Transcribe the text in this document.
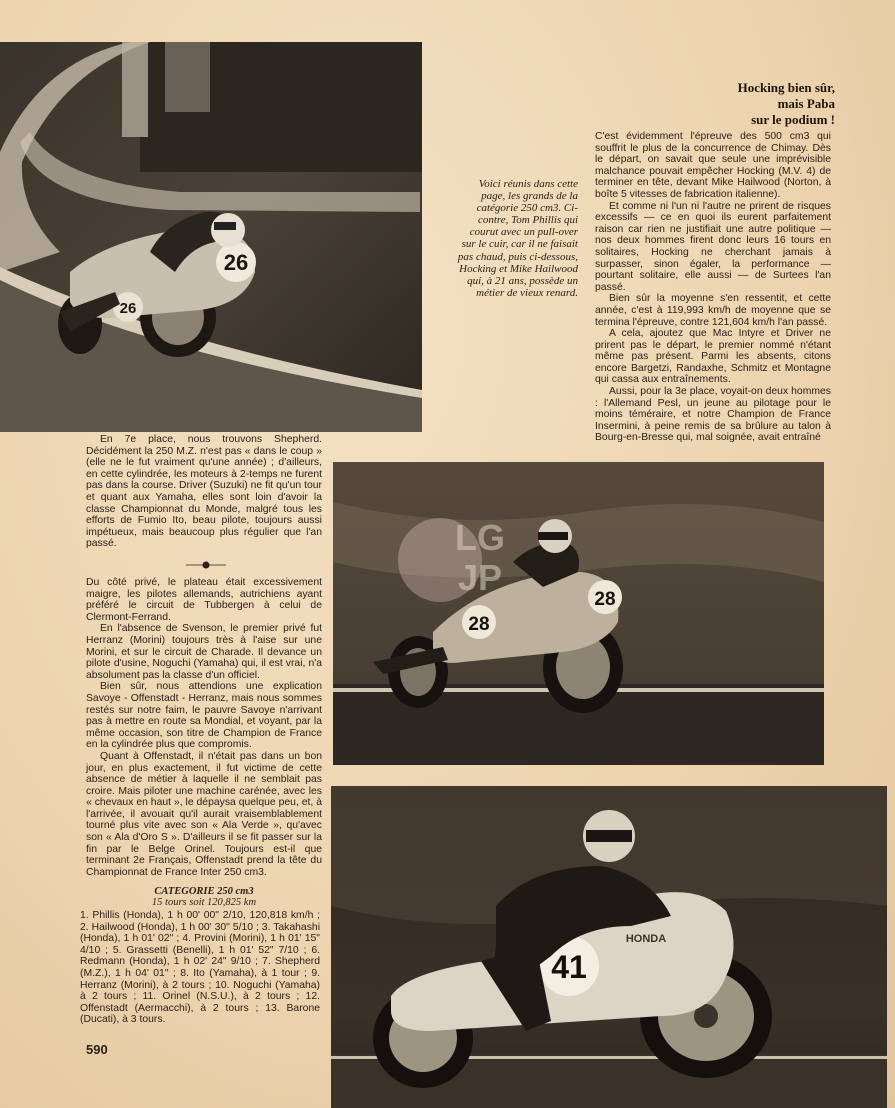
26
26
Hocking bien sûr,
mais Paba
sur le podium !
Voici réunis dans cette page, les grands de la catégorie 250 cm3. Ci-contre, Tom Phillis qui courut avec un pull-over sur le cuir, car il ne faisait pas chaud, puis ci-dessous, Hocking et Mike Hailwood qui, à 21 ans, possède un métier de vieux renard.

C'est évidemment l'épreuve des 500 cm3 qui souffrit le plus de la concurrence de Chimay. Dès le départ, on savait que seule une imprévisible malchance pouvait empêcher Hocking (M.V. 4) de terminer en tête, devant Mike Hailwood (Norton, à boîte 5 vitesses de fabrication italienne).

Et comme ni l'un ni l'autre ne prirent de risques excessifs — ce en quoi ils eurent parfaitement raison car rien ne justifiait une autre politique — nos deux hommes firent donc leurs 16 tours en solitaires, Hocking ne cherchant jamais à surpasser, sinon égaler, la performance — pourtant solitaire, elle aussi — de Surtees l'an passé.

Bien sûr la moyenne s'en ressentit, et cette année, c'est à 119,993 km/h de moyenne que se termina l'épreuve, contre 121,604 km/h l'an passé.

A cela, ajoutez que Mac Intyre et Driver ne prirent pas le départ, le premier nommé n'étant même pas présent. Parmi les absents, citons encore Bargetzi, Randaxhe, Schmitz et Montagne qui cassa aux entraînements.

Aussi, pour la 3e place, voyait-on deux hommes : l'Allemand Pesl, un jeune au pilotage pour le moins téméraire, et notre Champion de France Insermini, à peine remis de sa brûlure au talon à Bourg-en-Bresse qui, mal soignée, avait entraîné

En 7e place, nous trouvons Shepherd. Décidément la 250 M.Z. n'est pas « dans le coup » (elle ne le fut vraiment qu'une année) ; d'ailleurs, en cette cylindrée, les moteurs à 2-temps ne furent pas dans la course. Driver (Suzuki) ne fit qu'un tour et quant aux Yamaha, elles sont loin d'avoir la classe Championnat du Monde, malgré tous les efforts de Fumio Ito, beau pilote, toujours aussi impétueux, mais beaucoup plus régulier que l'an passé.

Du côté privé, le plateau était excessivement maigre, les pilotes allemands, autrichiens ayant préféré le circuit de Tubbergen à celui de Clermont-Ferrand.

En l'absence de Svenson, le premier privé fut Herranz (Morini) toujours très à l'aise sur une Morini, et sur le circuit de Charade. Il devance un pilote d'usine, Noguchi (Yamaha) qui, il est vrai, n'a absolument pas la classe d'un officiel.

Bien sûr, nous attendions une explication Savoye - Offenstadt - Herranz, mais nous sommes restés sur notre faim, le pauvre Savoye n'arrivant pas à mettre en route sa Mondial, et voyant, par la même occasion, son titre de Champion de France en la cylindrée plus que compromis.

Quant à Offenstadt, il n'était pas dans un bon jour, en plus exactement, il fut victime de cette absence de métier à laquelle il ne semblait pas croire. Mais piloter une machine carénée, avec les « chevaux en haut », le dépaysa quelque peu, et, à l'arrivée, il avouait qu'il aurait vraisemblablement tourné plus vite avec son « Ala Verde », qu'avec son « Ala d'Oro S ». D'ailleurs il se fit passer sur la fin par le Belge Orinel. Toujours est-il que terminant 2e Français, Offenstadt prend la tête du Championnat de France Inter 250 cm3.

CATEGORIE 250 cm3
15 tours soit 120,825 km

1. Phillis (Honda), 1 h 00' 00" 2/10, 120,818 km/h ; 2. Hailwood (Honda), 1 h 00' 30" 5/10 ; 3. Takahashi (Honda), 1 h 01' 02" ; 4. Provini (Morini), 1 h 01' 15" 4/10 ; 5. Grassetti (Benelli), 1 h 01' 52" 7/10 ; 6. Redmann (Honda), 1 h 02' 24" 9/10 ; 7. Shepherd (M.Z.), 1 h 04' 01" ; 8. Ito (Yamaha), à 1 tour ; 9. Herranz (Morini), à 2 tours ; 10. Noguchi (Yamaha) à 2 tours ; 11. Orinel (N.S.U.), à 2 tours ; 12. Offenstadt (Aermacchi), à 2 tours ; 13. Barone (Ducati), à 3 tours.

590
28
28
LG
JP
41
HONDA
